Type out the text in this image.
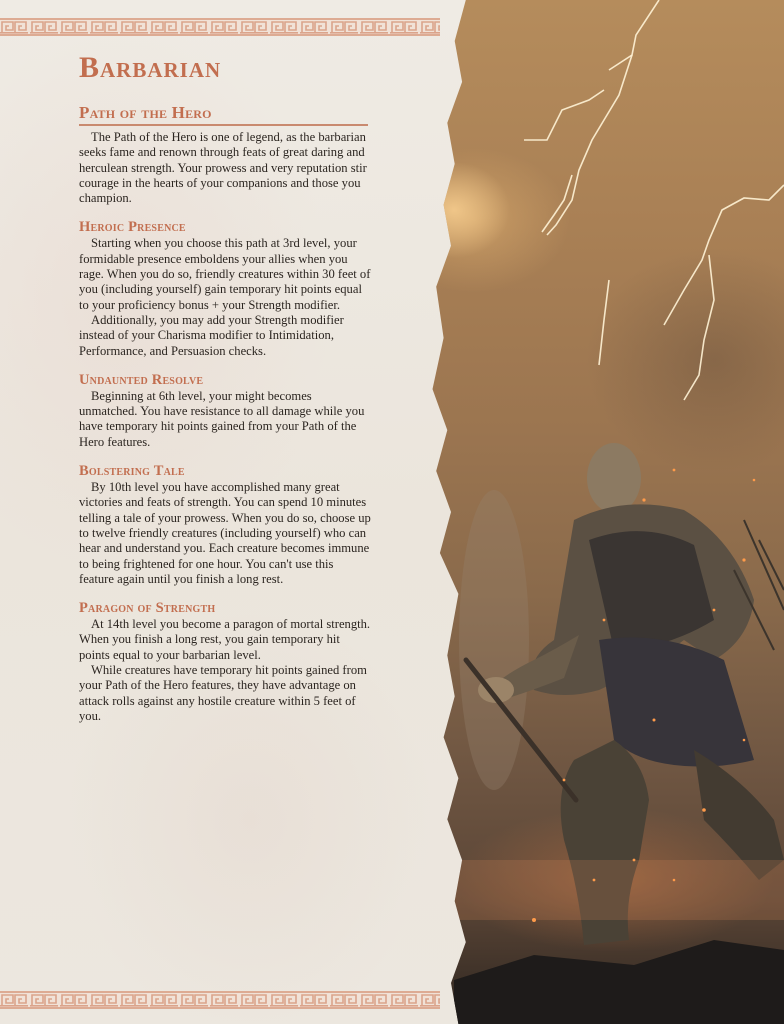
Barbarian
Path of the Hero

The Path of the Hero is one of legend, as the barbarian seeks fame and renown through feats of great daring and herculean strength. Your prowess and very reputation stir courage in the hearts of your companions and those you champion.

Heroic Presence

Starting when you choose this path at 3rd level, your formidable presence emboldens your allies when you rage. When you do so, friendly creatures within 30 feet of you (including yourself) gain temporary hit points equal to your proficiency bonus + your Strength modifier.

Additionally, you may add your Strength modifier instead of your Charisma modifier to Intimidation, Performance, and Persuasion checks.

Undaunted Resolve

Beginning at 6th level, your might becomes unmatched. You have resistance to all damage while you have temporary hit points gained from your Path of the Hero features.

Bolstering Tale

By 10th level you have accomplished many great victories and feats of strength. You can spend 10 minutes telling a tale of your prowess. When you do so, choose up to twelve friendly creatures (including yourself) who can hear and understand you. Each creature becomes immune to being frightened for one hour. You can't use this feature again until you finish a long rest.

Paragon of Strength

At 14th level you become a paragon of mortal strength. When you finish a long rest, you gain temporary hit points equal to your barbarian level.

While creatures have temporary hit points gained from your Path of the Hero features, they have advantage on attack rolls against any hostile creature within 5 feet of you.
